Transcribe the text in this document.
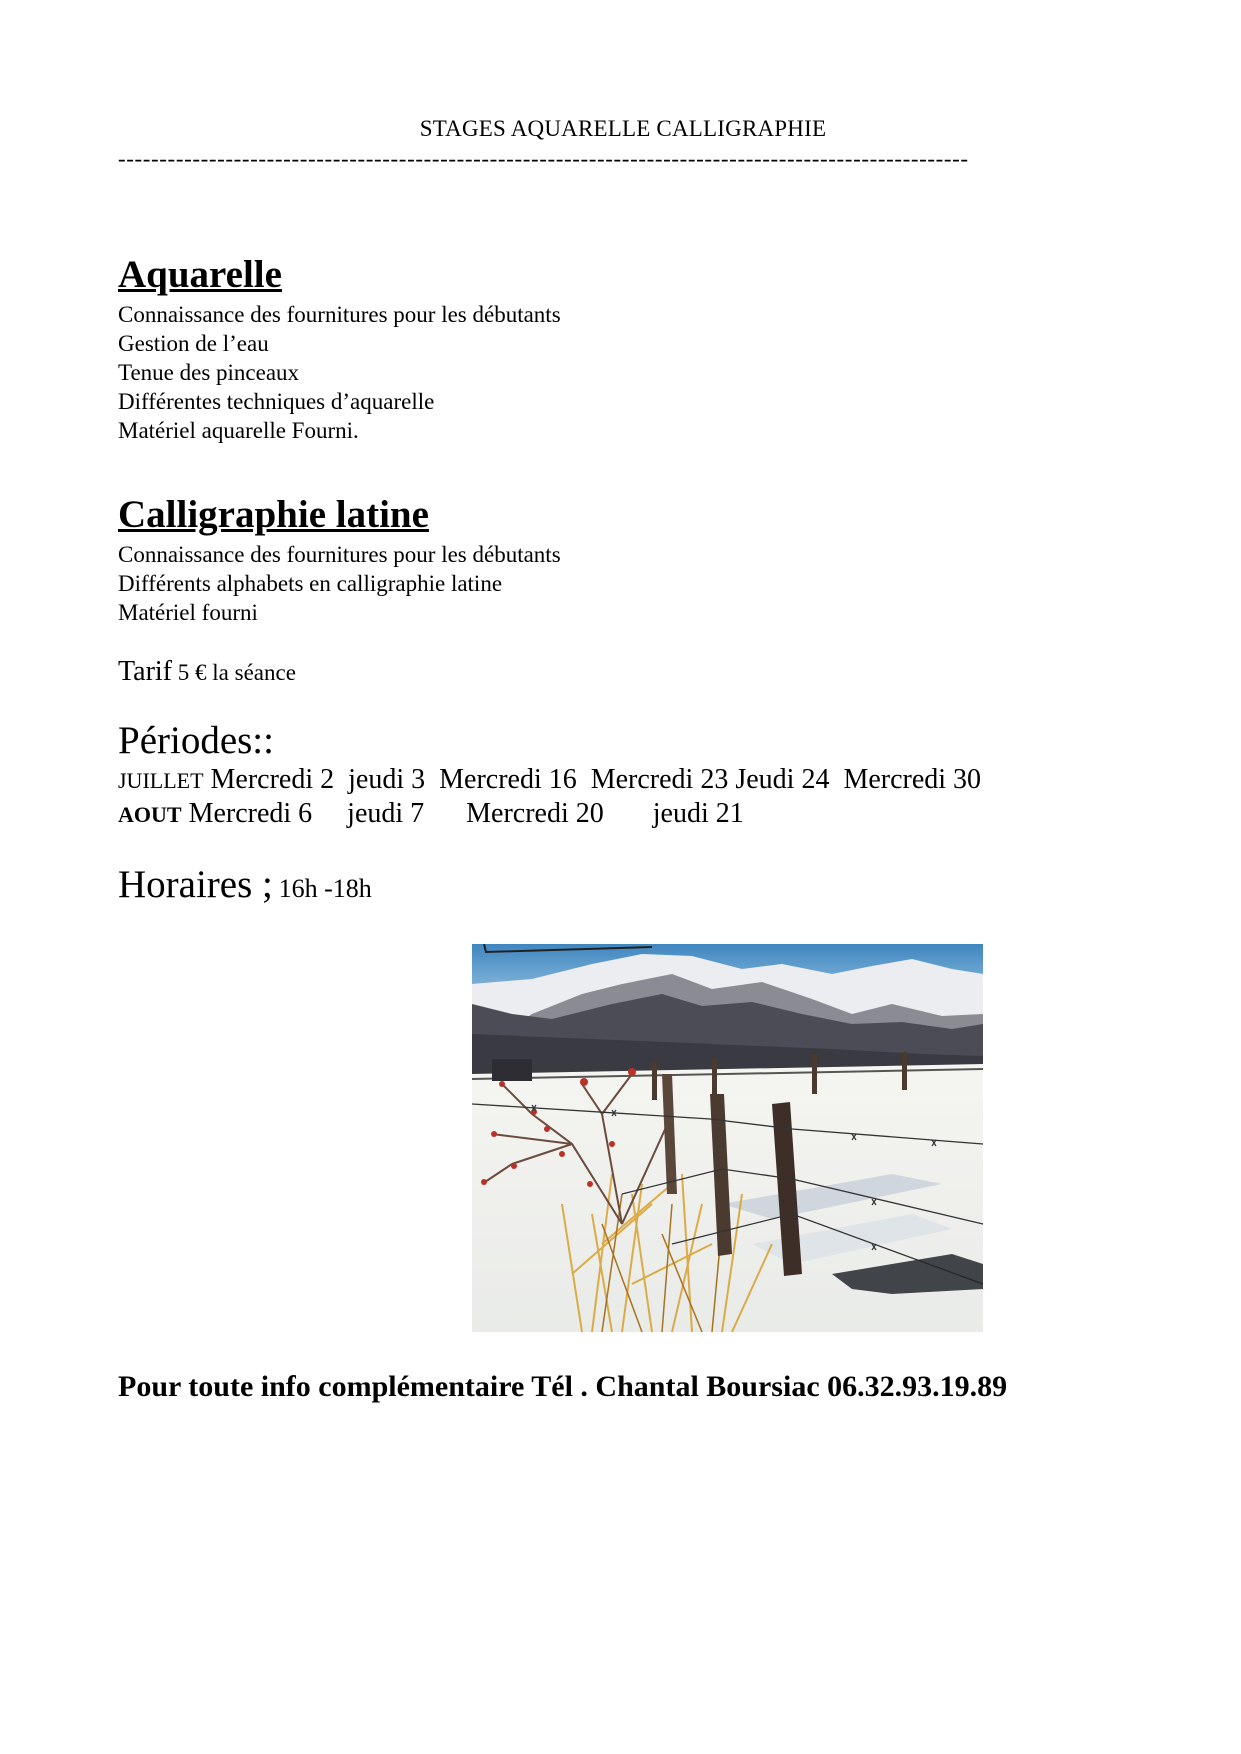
STAGES AQUARELLE CALLIGRAPHIE
-------------------------------------------------------------------------------------------------------
Aquarelle
Connaissance des fournitures pour les débutants
Gestion de l’eau
Tenue des pinceaux
Différentes techniques d’aquarelle
Matériel aquarelle Fourni.
Calligraphie latine
Connaissance des fournitures pour les débutants
Différents alphabets en calligraphie latine
Matériel fourni
Tarif 5 € la séance
Périodes::
JUILLET Mercredi 2  jeudi 3  Mercredi 16  Mercredi 23 Jeudi 24  Mercredi 30
AOUT Mercredi 6     jeudi 7      Mercredi 20       jeudi 21
Horaires ; 16h -18h
Pour toute info complémentaire Tél . Chantal Boursiac 06.32.93.19.89
